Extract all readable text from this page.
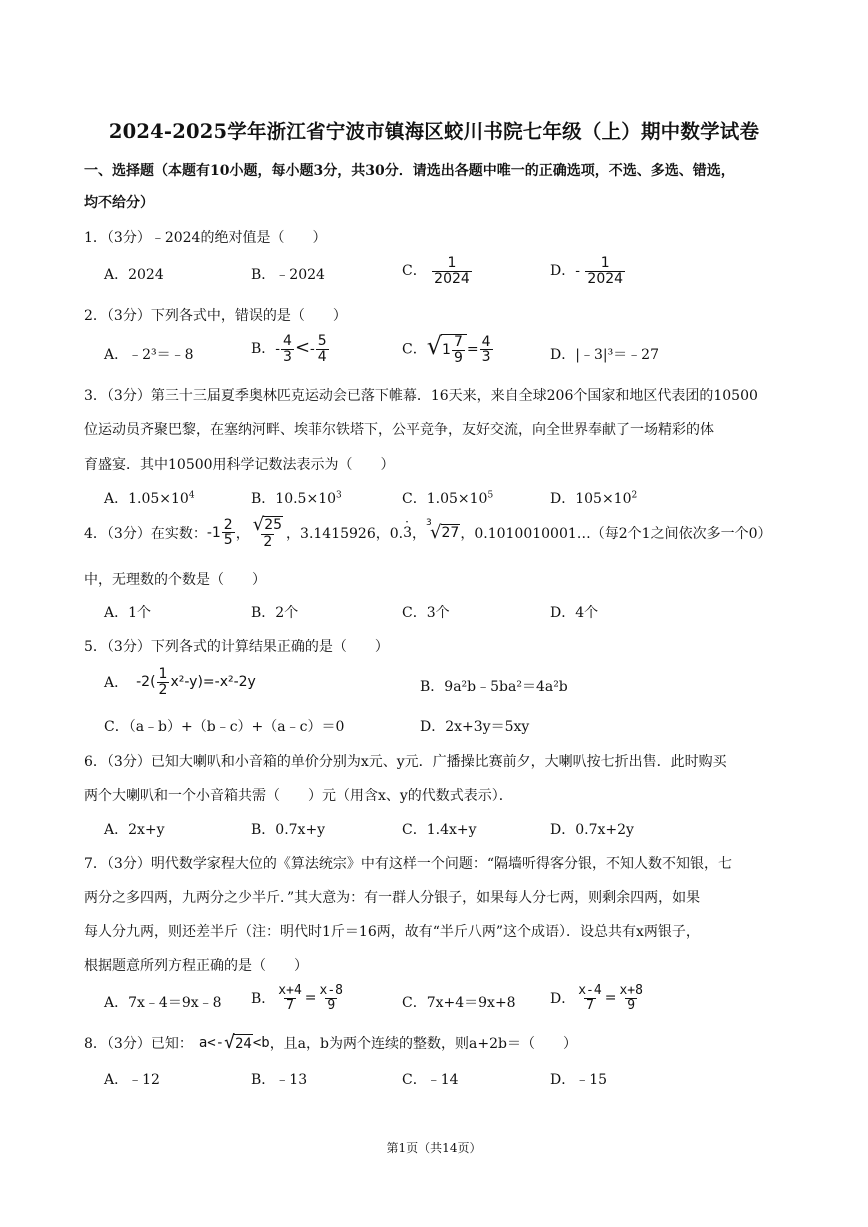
2024-2025学年浙江省宁波市镇海区蛟川书院七年级（上）期中数学试卷
一、选择题（本题有10小题，每小题3分，共30分．请选出各题中唯一的正确选项，不选、多选、错选，
均不给分）
1．（3分）﹣2024的绝对值是（　　）
A．2024	B．﹣2024	C． $\frac{1}{2024}$	D．- $\frac{1}{2024}$
2．（3分）下列各式中，错误的是（　　）
A．﹣2³＝﹣8	B．- $\frac{4}{3} <- \frac{5}{4}$	C． √ $1 \frac{7}{9} = \frac{4}{3}$	D．|﹣3|³＝﹣27
3．（3分）第三十三届夏季奥林匹克运动会已落下帷幕．16天来，来自全球206个国家和地区代表团的10500
位运动员齐聚巴黎，在塞纳河畔、埃菲尔铁塔下，公平竞争，友好交流，向全世界奉献了一场精彩的体
育盛宴．其中10500用科学记数法表示为（　　）
A．$1.05\times 10^4$	B．$10.5\times 10^3$	C．$1.05\times 10^5$	D．$105\times 10^2$
4．（3分）在实数： $-1 \frac{2}{5}$ ， $\frac{√ 25}{2}$ ，3.1415926，0.
·
3 ，
3
√ 27 ，0.1010010001…（每2个1之间依次多一个0）
中，无理数的个数是（　　）
A．1个	B．2个	C．3个	D．4个
5．（3分）下列各式的计算结果正确的是（　　）
A． $-2( \frac{1}{2} x^2-y)=-x^2-2y$	B．9a²b﹣5ba²＝4a²b
C．（a﹣b）+（b﹣c）+（a﹣c）＝0	D．2x+3y＝5xy
6．（3分）已知大喇叭和小音箱的单价分别为x元、y元．广播操比赛前夕，大喇叭按七折出售．此时购买
两个大喇叭和一个小音箱共需（　　）元（用含x、y的代数式表示）．
A．2x+y	B．0.7x+y	C．1.4x+y	D．0.7x+2y
7．（3分）明代数学家程大位的《算法统宗》中有这样一个问题：“隔墙听得客分银，不知人数不知银，七
两分之多四两，九两分之少半斤．”其大意为：有一群人分银子，如果每人分七两，则剩余四两，如果
每人分九两，则还差半斤（注：明代时1斤＝16两，故有“半斤八两”这个成语）．设总共有x两银子，
根据题意所列方程正确的是（　　）
A．7x﹣4＝9x﹣8 B． $\frac{x+4}{7} = \frac{x-8}{9}$	C．7x+4＝9x+8 D． $\frac{x-4}{7} = \frac{x+8}{9}$
8．（3分）已知： a<- √ 24 <b ，且a，b为两个连续的整数，则a+2b＝（　　）
A．﹣12	B．﹣13	C．﹣14	D．﹣15
第1页（共14页）
